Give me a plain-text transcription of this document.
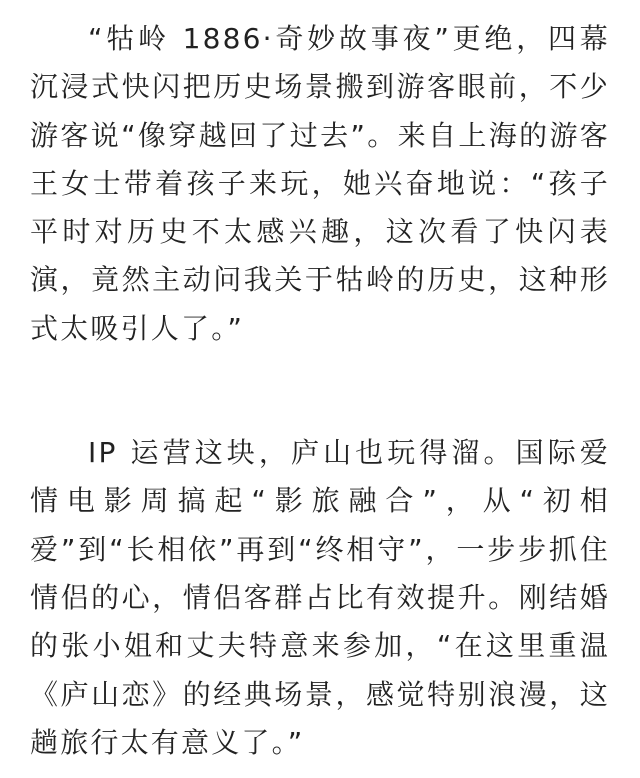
“牯岭 1886·奇妙故事夜”更绝，四幕沉浸式快闪把历史场景搬到游客眼前，不少游客说“像穿越回了过去”。来自上海的游客王女士带着孩子来玩，她兴奋地说：“孩子平时对历史不太感兴趣，这次看了快闪表演，竟然主动问我关于牯岭的历史，这种形式太吸引人了。”

IP 运营这块，庐山也玩得溜。国际爱情电影周搞起“影旅融合”，从“初相爱”到“长相依”再到“终相守”，一步步抓住情侣的心，情侣客群占比有效提升。刚结婚的张小姐和丈夫特意来参加，“在这里重温《庐山恋》的经典场景，感觉特别浪漫，这趟旅行太有意义了。”
